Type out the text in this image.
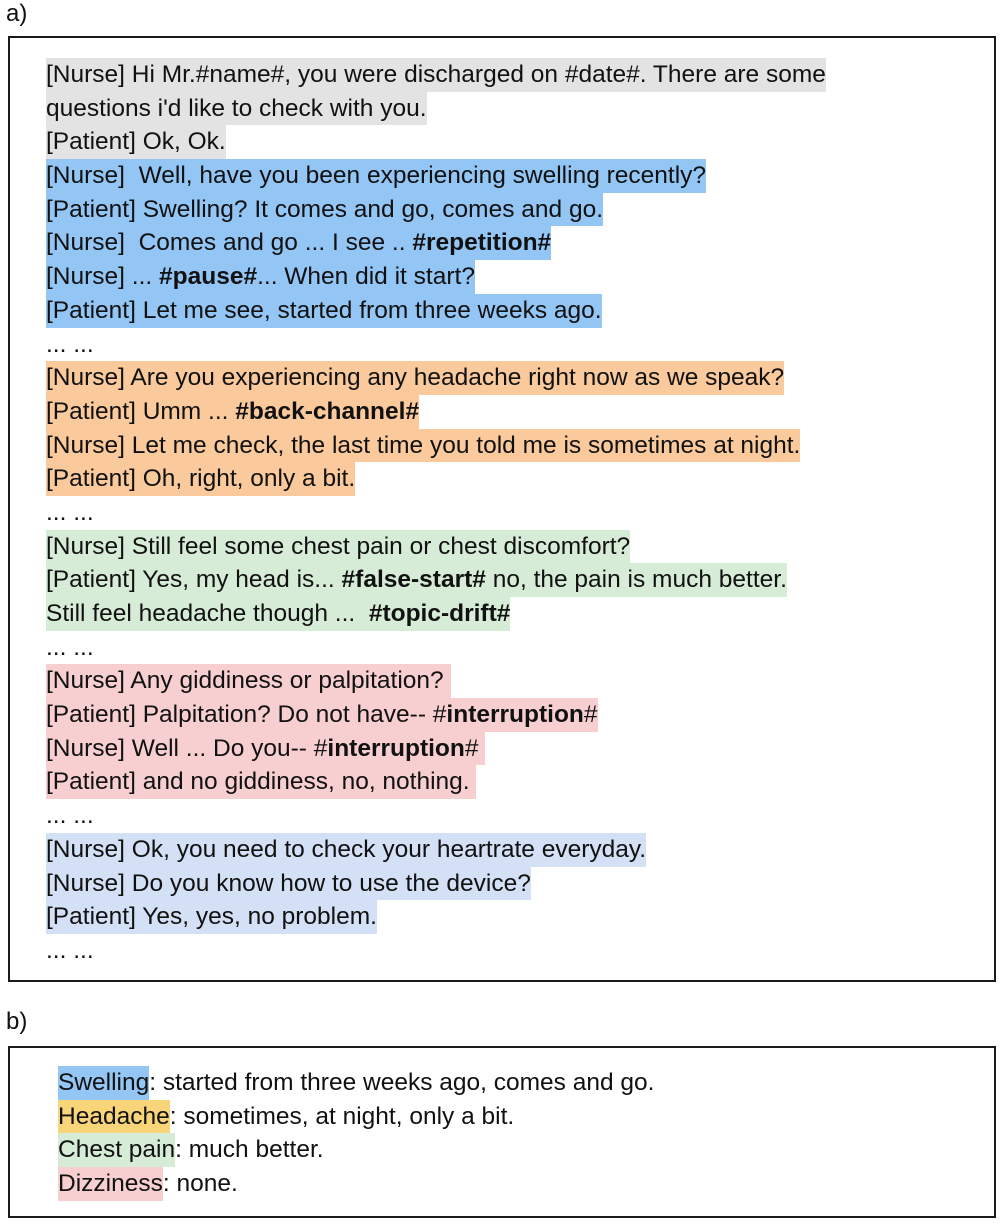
a)
[Nurse] Hi Mr.#name#, you were discharged on #date#. There are some
questions i'd like to check with you.
[Patient] Ok, Ok.
[Nurse]  Well, have you been experiencing swelling recently?
[Patient] Swelling? It comes and go, comes and go.
[Nurse]  Comes and go ... I see .. #repetition#
[Nurse] ... #pause#... When did it start?
[Patient] Let me see, started from three weeks ago.
... ...
[Nurse] Are you experiencing any headache right now as we speak?
[Patient] Umm ... #back-channel#
[Nurse] Let me check, the last time you told me is sometimes at night.
[Patient] Oh, right, only a bit.
... ...
[Nurse] Still feel some chest pain or chest discomfort?
[Patient] Yes, my head is... #false-start# no, the pain is much better.
Still feel headache though ...  #topic-drift#
... ...
[Nurse] Any giddiness or palpitation?
[Patient] Palpitation? Do not have-- #interruption#
[Nurse] Well ... Do you-- #interruption#
[Patient] and no giddiness, no, nothing.
... ...
[Nurse] Ok, you need to check your heartrate everyday.
[Nurse] Do you know how to use the device?
[Patient] Yes, yes, no problem.
... ...
b)
Swelling: started from three weeks ago, comes and go.
Headache: sometimes, at night, only a bit.
Chest pain: much better.
Dizziness: none.
